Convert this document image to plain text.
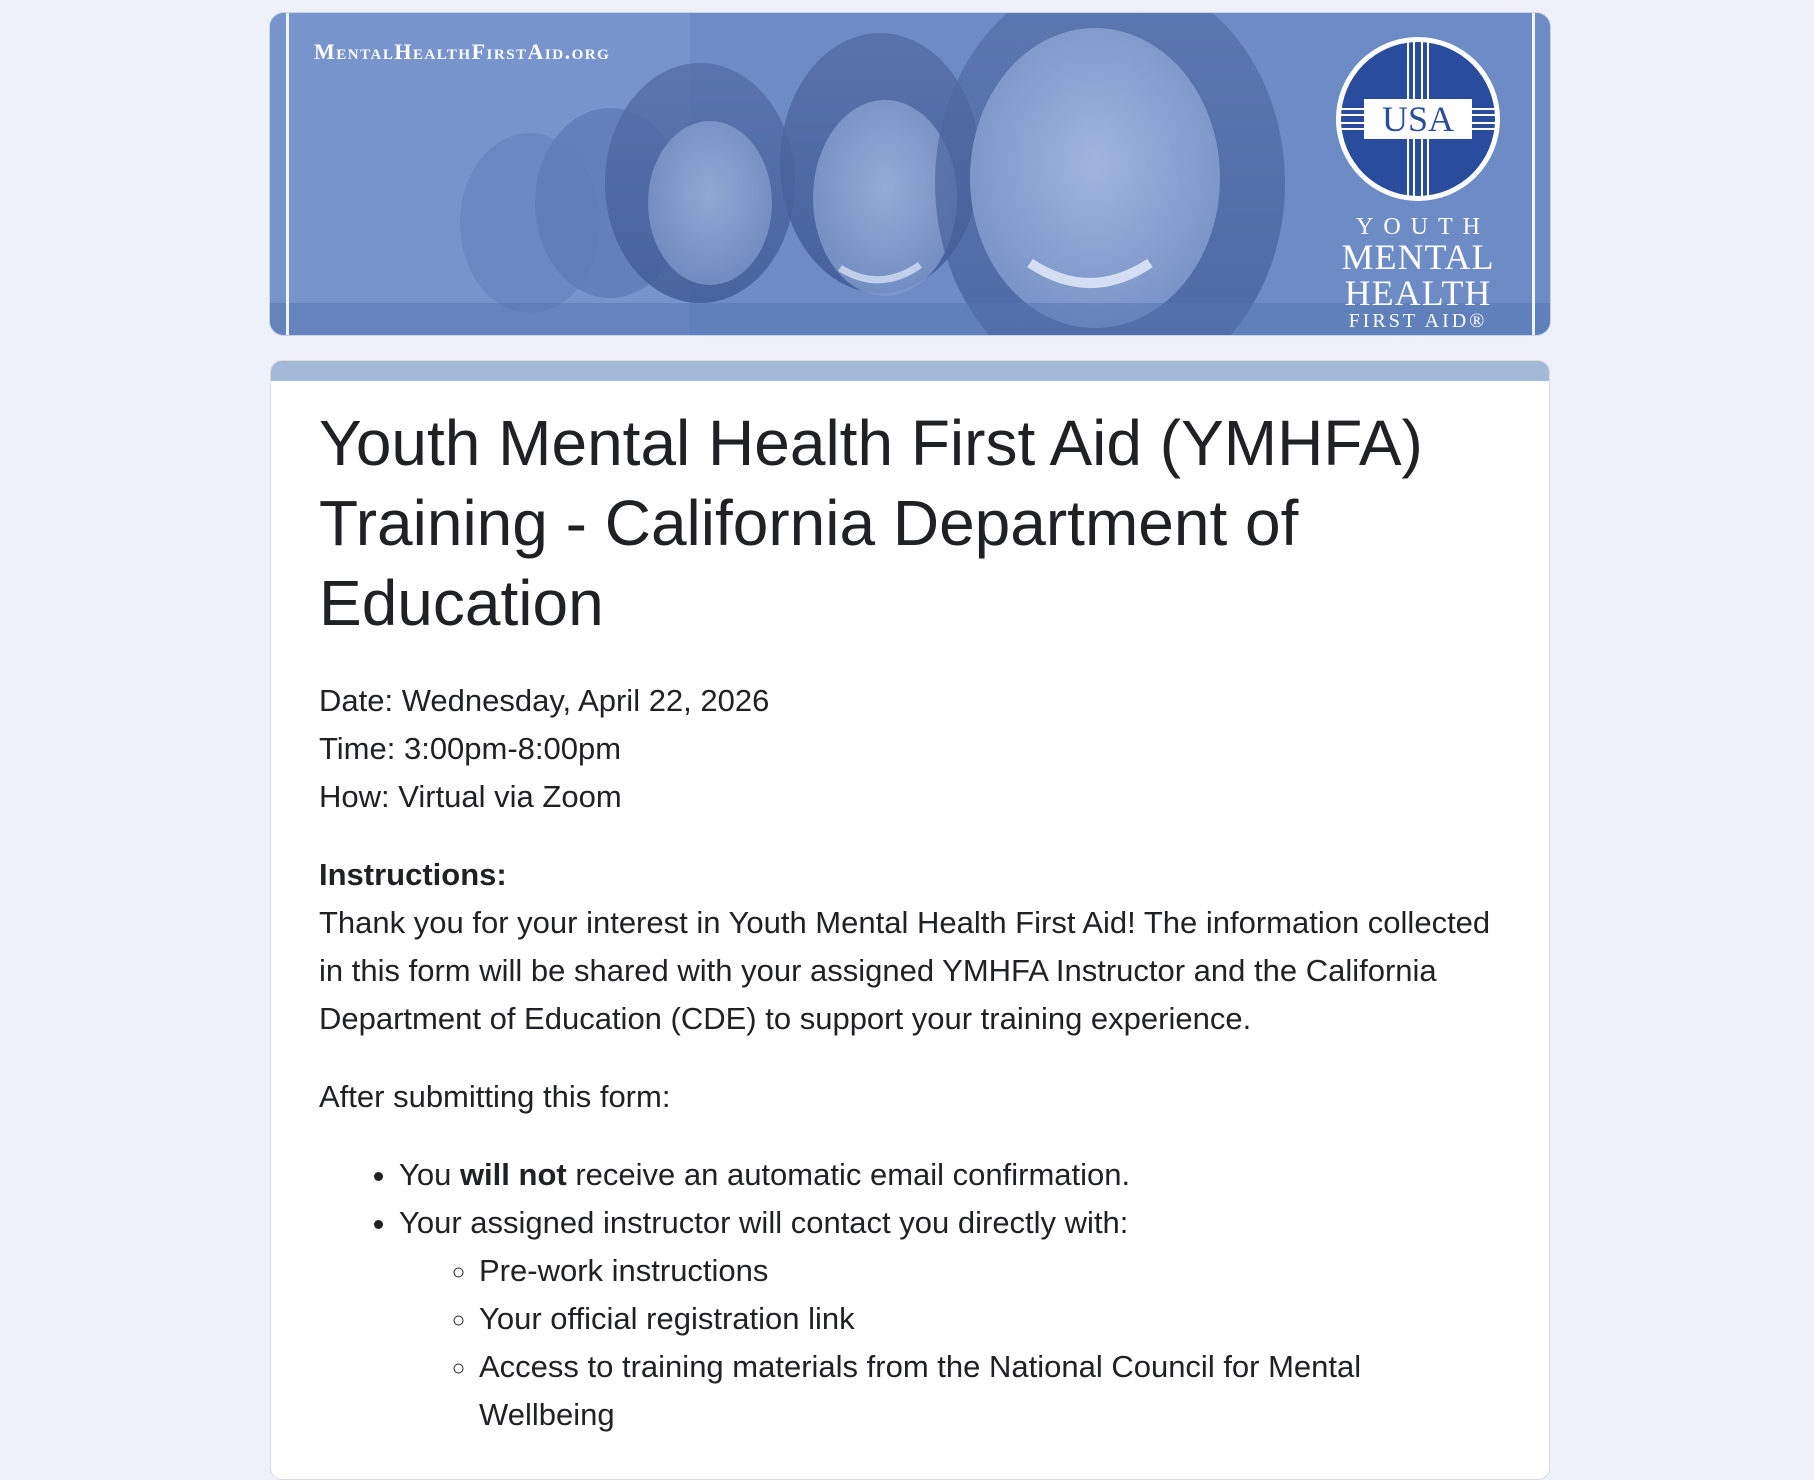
MentalHealthFirstAid.org
USA
YOUTH
MENTAL
HEALTH
FIRST AID®
Youth Mental Health First Aid (YMHFA) Training - California Department of Education

Date: Wednesday, April 22, 2026

Time: 3:00pm-8:00pm

How: Virtual via Zoom

Instructions:

Thank you for your interest in Youth Mental Health First Aid! The information collected in this form will be shared with your assigned YMHFA Instructor and the California Department of Education (CDE) to support your training experience.

After submitting this form:

• You will not receive an automatic email confirmation.
• Your assigned instructor will contact you directly with:
◦ Pre-work instructions
◦ Your official registration link
◦ Access to training materials from the National Council for Mental Wellbeing
